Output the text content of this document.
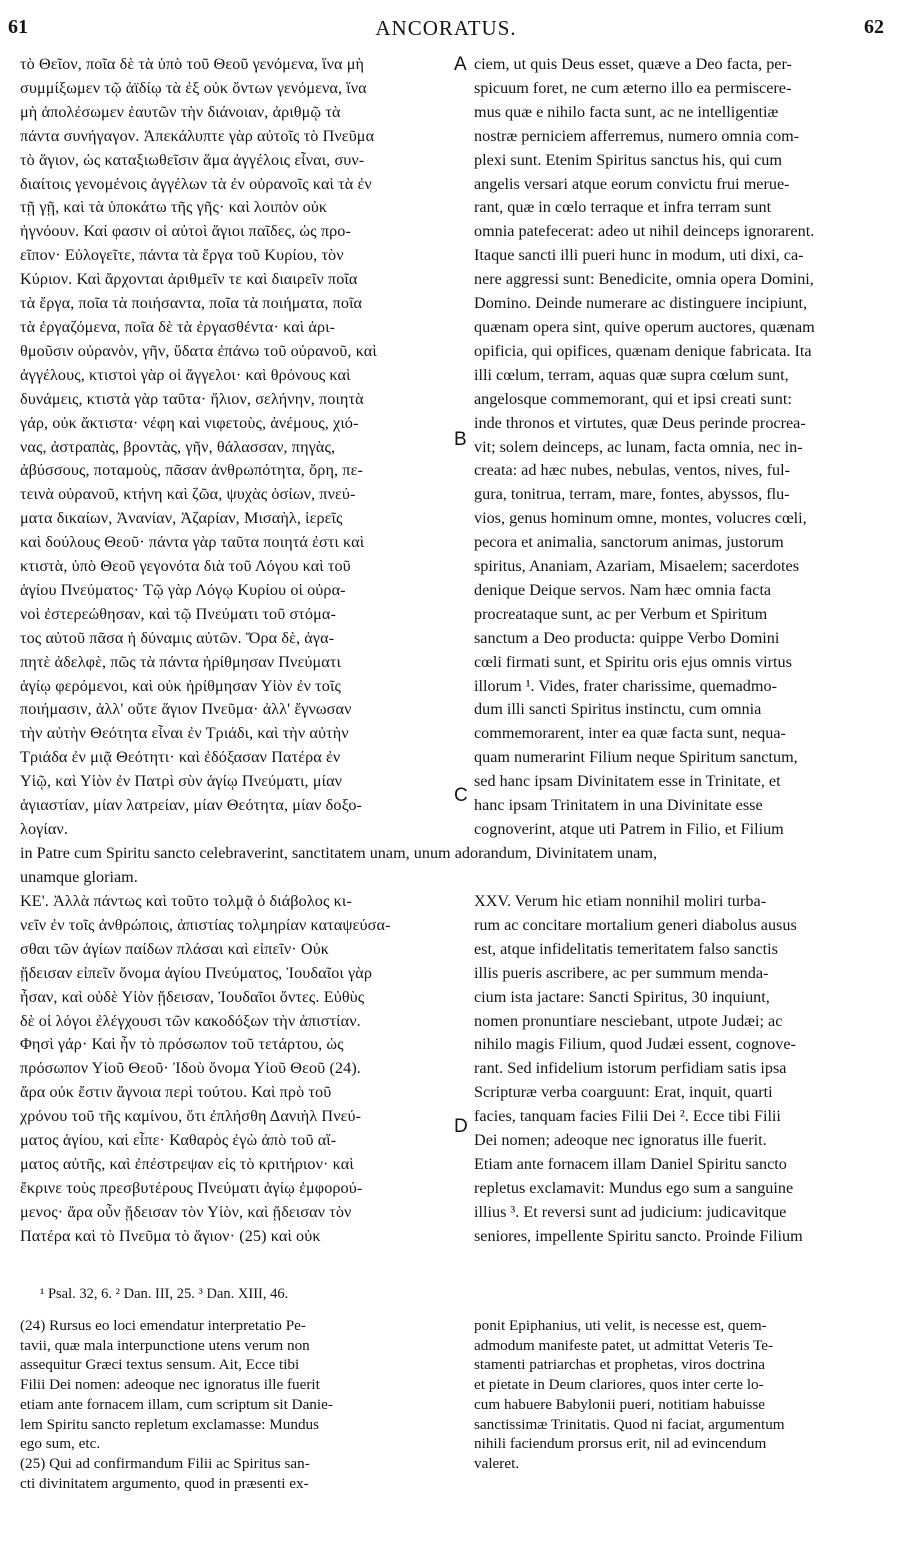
61	ANCORATUS.	62
τὸ Θεῖον, ποῖα δὲ τὰ ὑπὸ τοῦ Θεοῦ γενόμενα, ἵνα μὴ
συμμίξωμεν τῷ ἀϊδίῳ τὰ ἐξ οὐκ ὄντων γενόμενα, ἵνα
μὴ ἀπολέσωμεν ἑαυτῶν τὴν διάνοιαν, ἀριθμῷ τὰ
πάντα συνήγαγον. Ἀπεκάλυπτε γὰρ αὐτοῖς τὸ Πνεῦμα
τὸ ἅγιον, ὡς καταξιωθεῖσιν ἅμα ἀγγέλοις εἶναι, συν-
διαίτοις γενομένοις ἀγγέλων τὰ ἐν οὐρανοῖς καὶ τὰ ἐν
τῇ γῇ, καὶ τὰ ὑποκάτω τῆς γῆς· καὶ λοιπὸν οὐκ
ἠγνόουν. Καί φασιν οἱ αὐτοὶ ἅγιοι παῖδες, ὡς προ-
εῖπον· Εὐλογεῖτε, πάντα τὰ ἔργα τοῦ Κυρίου, τὸν
Κύριον. Καὶ ἄρχονται ἀριθμεῖν τε καὶ διαιρεῖν ποῖα
τὰ ἔργα, ποῖα τὰ ποιήσαντα, ποῖα τὰ ποιήματα, ποῖα
τὰ ἐργαζόμενα, ποῖα δὲ τὰ ἐργασθέντα· καὶ ἀρι-
θμοῦσιν οὐρανὸν, γῆν, ὕδατα ἐπάνω τοῦ οὐρανοῦ, καὶ
ἀγγέλους, κτιστοὶ γὰρ οἱ ἄγγελοι· καὶ θρόνους καὶ
δυνάμεις, κτιστὰ γὰρ ταῦτα· ἥλιον, σελήνην, ποιητὰ
γάρ, οὐκ ἄκτιστα· νέφη καὶ νιφετοὺς, ἀνέμους, χιό-
νας, ἀστραπὰς, βροντὰς, γῆν, θάλασσαν, πηγὰς,
ἀβύσσους, ποταμοὺς, πᾶσαν ἀνθρωπότητα, ὄρη, πε-
τεινὰ οὐρανοῦ, κτήνη καὶ ζῶα, ψυχὰς ὁσίων, πνεύ-
ματα δικαίων, Ἀνανίαν, Ἀζαρίαν, Μισαὴλ, ἱερεῖς
καὶ δούλους Θεοῦ· πάντα γὰρ ταῦτα ποιητά ἐστι καὶ
κτιστὰ, ὑπὸ Θεοῦ γεγονότα διὰ τοῦ Λόγου καὶ τοῦ
ἁγίου Πνεύματος· Τῷ γὰρ Λόγῳ Κυρίου οἱ οὐρα-
νοὶ ἐστερεώθησαν, καὶ τῷ Πνεύματι τοῦ στόμα-
τος αὐτοῦ πᾶσα ἡ δύναμις αὐτῶν. Ὅρα δὲ, ἀγα-
πητὲ ἀδελφὲ, πῶς τὰ πάντα ἠρίθμησαν Πνεύματι
ἁγίῳ φερόμενοι, καὶ οὐκ ἠρίθμησαν Υἱὸν ἐν τοῖς
ποιήμασιν, ἀλλ' οὔτε ἅγιον Πνεῦμα· ἀλλ' ἔγνωσαν
τὴν αὐτὴν Θεότητα εἶναι ἐν Τριάδι, καὶ τὴν αὐτὴν
Τριάδα ἐν μιᾷ Θεότητι· καὶ ἐδόξασαν Πατέρα ἐν
Υἱῷ, καὶ Υἱὸν ἐν Πατρὶ σὺν ἁγίῳ Πνεύματι, μίαν
ἁγιαστίαν, μίαν λατρείαν, μίαν Θεότητα, μίαν δοξο-
λογίαν.
ciem, ut quis Deus esset, quæve a Deo facta, per-
spicuum foret, ne cum æterno illo ea permiscere-
mus quæ e nihilo facta sunt, ac ne intelligentiæ
nostræ perniciem afferremus, numero omnia com-
plexi sunt. Etenim Spiritus sanctus his, qui cum
angelis versari atque eorum convictu frui merue-
rant, quæ in cœlo terraque et infra terram sunt
omnia patefecerat: adeo ut nihil deinceps ignorarent.
Itaque sancti illi pueri hunc in modum, uti dixi, ca-
nere aggressi sunt: Benedicite, omnia opera Domini,
Domino. Deinde numerare ac distinguere incipiunt,
quænam opera sint, quive operum auctores, quænam
opificia, qui opifices, quænam denique fabricata. Ita
illi cœlum, terram, aquas quæ supra cœlum sunt,
angelosque commemorant, qui et ipsi creati sunt:
inde thronos et virtutes, quæ Deus perinde procrea-
vit; solem deinceps, ac lunam, facta omnia, nec in-
creata: ad hæc nubes, nebulas, ventos, nives, ful-
gura, tonitrua, terram, mare, fontes, abyssos, flu-
vios, genus hominum omne, montes, volucres cœli,
pecora et animalia, sanctorum animas, justorum
spiritus, Ananiam, Azariam, Misaelem; sacerdotes
denique Deique servos. Nam hæc omnia facta
procreataque sunt, ac per Verbum et Spiritum
sanctum a Deo producta: quippe Verbo Domini
cœli firmati sunt, et Spiritu oris ejus omnis virtus
illorum ¹. Vides, frater charissime, quemadmo-
dum illi sancti Spiritus instinctu, cum omnia
commemorarent, inter ea quæ facta sunt, nequa-
quam numerarint Filium neque Spiritum sanctum,
sed hanc ipsam Divinitatem esse in Trinitate, et
hanc ipsam Trinitatem in una Divinitate esse
cognoverint, atque uti Patrem in Filio, et Filium
A
B
C
D
in Patre cum Spiritu sancto celebraverint, sanctitatem unam, unum adorandum, Divinitatem unam,
unamque gloriam.
ΚΕ'. Ἀλλὰ πάντως καὶ τοῦτο τολμᾷ ὁ διάβολος κι-
νεῖν ἐν τοῖς ἀνθρώποις, ἀπιστίας τολμηρίαν καταψεύσα-
σθαι τῶν ἁγίων παίδων πλάσαι καὶ εἰπεῖν· Οὐκ
ᾔδεισαν εἰπεῖν ὄνομα ἁγίου Πνεύματος, Ἰουδαῖοι γὰρ
ἦσαν, καὶ οὐδὲ Υἱὸν ᾔδεισαν, Ἰουδαῖοι ὄντες. Εὐθὺς
δὲ οἱ λόγοι ἐλέγχουσι τῶν κακοδόξων τὴν ἀπιστίαν.
Φησὶ γάρ· Καὶ ἦν τὸ πρόσωπον τοῦ τετάρτου, ὡς
πρόσωπον Υἱοῦ Θεοῦ· Ἰδοὺ ὄνομα Υἱοῦ Θεοῦ (24).
ἄρα οὐκ ἔστιν ἄγνοια περὶ τούτου. Καὶ πρὸ τοῦ
χρόνου τοῦ τῆς καμίνου, ὅτι ἐπλήσθη Δανιὴλ Πνεύ-
ματος ἁγίου, καὶ εἶπε· Καθαρὸς ἐγὼ ἀπὸ τοῦ αἵ-
ματος αὐτῆς, καὶ ἐπέστρεψαν εἰς τὸ κριτήριον· καὶ
ἔκρινε τοὺς πρεσβυτέρους Πνεύματι ἁγίῳ ἐμφορού-
μενος· ἄρα οὖν ᾔδεισαν τὸν Υἱὸν, καὶ ᾔδεισαν τὸν
Πατέρα καὶ τὸ Πνεῦμα τὸ ἅγιον· (25) καὶ οὐκ
XXV. Verum hic etiam nonnihil moliri turba-
rum ac concitare mortalium generi diabolus ausus
est, atque infidelitatis temeritatem falso sanctis
illis pueris ascribere, ac per summum menda-
cium ista jactare: Sancti Spiritus, 30 inquiunt,
nomen pronuntiare nesciebant, utpote Judæi; ac
nihilo magis Filium, quod Judæi essent, cognove-
rant. Sed infidelium istorum perfidiam satis ipsa
Scripturæ verba coarguunt: Erat, inquit, quarti
facies, tanquam facies Filii Dei ². Ecce tibi Filii
Dei nomen; adeoque nec ignoratus ille fuerit.
Etiam ante fornacem illam Daniel Spiritu sancto
repletus exclamavit: Mundus ego sum a sanguine
illius ³. Et reversi sunt ad judicium: judicavitque
seniores, impellente Spiritu sancto. Proinde Filium
¹ Psal. 32, 6. ² Dan. III, 25. ³ Dan. XIII, 46.
(24) Rursus eo loci emendatur interpretatio Pe-
tavii, quæ mala interpunctione utens verum non
assequitur Græci textus sensum. Ait, Ecce tibi
Filii Dei nomen: adeoque nec ignoratus ille fuerit
etiam ante fornacem illam, cum scriptum sit Danie-
lem Spiritu sancto repletum exclamasse: Mundus
ego sum, etc.
(25) Qui ad confirmandum Filii ac Spiritus san-
cti divinitatem argumento, quod in præsenti ex-
ponit Epiphanius, uti velit, is necesse est, quem-
admodum manifeste patet, ut admittat Veteris Te-
stamenti patriarchas et prophetas, viros doctrina
et pietate in Deum clariores, quos inter certe lo-
cum habuere Babylonii pueri, notitiam habuisse
sanctissimæ Trinitatis. Quod ni faciat, argumentum
nihili faciendum prorsus erit, nil ad evincendum
valeret.
